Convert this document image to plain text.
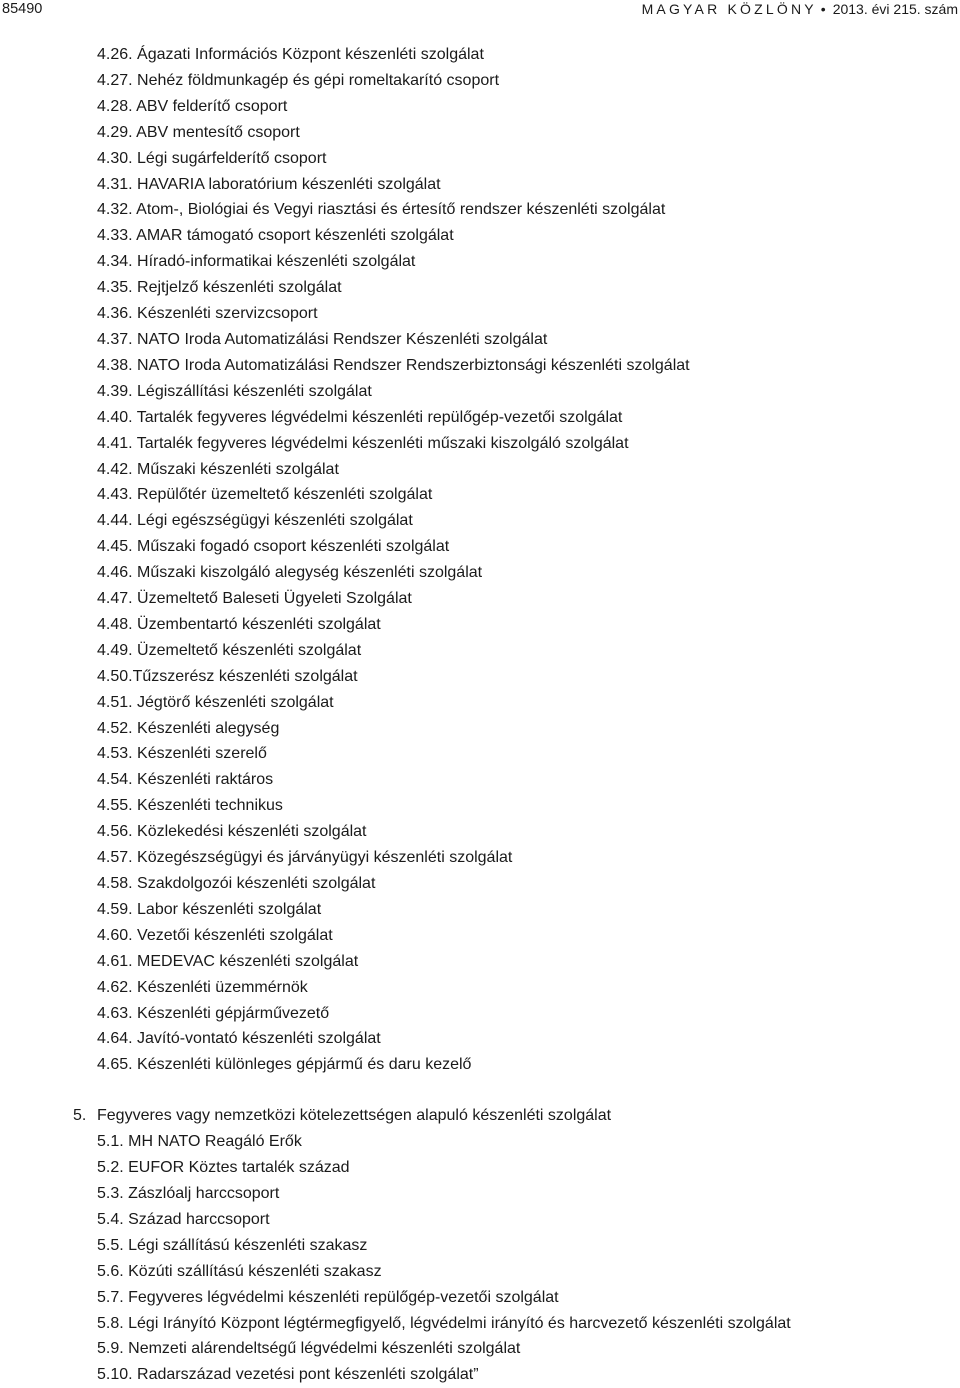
85490	MAGYAR KÖZLÖNY • 2013. évi 215. szám
4.26. Ágazati Információs Központ készenléti szolgálat
4.27. Nehéz földmunkagép és gépi romeltakarító csoport
4.28. ABV felderítő csoport
4.29. ABV mentesítő csoport
4.30. Légi sugárfelderítő csoport
4.31. HAVARIA laboratórium készenléti szolgálat
4.32. Atom-, Biológiai és Vegyi riasztási és értesítő rendszer készenléti szolgálat
4.33. AMAR támogató csoport készenléti szolgálat
4.34. Híradó-informatikai készenléti szolgálat
4.35. Rejtjelző készenléti szolgálat
4.36. Készenléti szervizcsoport
4.37. NATO Iroda Automatizálási Rendszer Készenléti szolgálat
4.38. NATO Iroda Automatizálási Rendszer Rendszerbiztonsági készenléti szolgálat
4.39. Légiszállítási készenléti szolgálat
4.40. Tartalék fegyveres légvédelmi készenléti repülőgép-vezetői szolgálat
4.41. Tartalék fegyveres légvédelmi készenléti műszaki kiszolgáló szolgálat
4.42. Műszaki készenléti szolgálat
4.43. Repülőtér üzemeltető készenléti szolgálat
4.44. Légi egészségügyi készenléti szolgálat
4.45. Műszaki fogadó csoport készenléti szolgálat
4.46. Műszaki kiszolgáló alegység készenléti szolgálat
4.47. Üzemeltető Baleseti Ügyeleti Szolgálat
4.48. Üzembentartó készenléti szolgálat
4.49. Üzemeltető készenléti szolgálat
4.50.Tűzszerész készenléti szolgálat
4.51. Jégtörő készenléti szolgálat
4.52. Készenléti alegység
4.53. Készenléti szerelő
4.54. Készenléti raktáros
4.55. Készenléti technikus
4.56. Közlekedési készenléti szolgálat
4.57. Közegészségügyi és járványügyi készenléti szolgálat
4.58. Szakdolgozói készenléti szolgálat
4.59. Labor készenléti szolgálat
4.60. Vezetői készenléti szolgálat
4.61. MEDEVAC készenléti szolgálat
4.62. Készenléti üzemmérnök
4.63. Készenléti gépjárművezető
4.64. Javító-vontató készenléti szolgálat
4.65. Készenléti különleges gépjármű és daru kezelő
5. Fegyveres vagy nemzetközi kötelezettségen alapuló készenléti szolgálat
5.1. MH NATO Reagáló Erők
5.2. EUFOR Köztes tartalék század
5.3. Zászlóalj harccsoport
5.4. Század harccsoport
5.5. Légi szállítású készenléti szakasz
5.6. Közúti szállítású készenléti szakasz
5.7. Fegyveres légvédelmi készenléti repülőgép-vezetői szolgálat
5.8. Légi Irányító Központ légtérmegfigyelő, légvédelmi irányító és harcvezető készenléti szolgálat
5.9. Nemzeti alárendeltségű légvédelmi készenléti szolgálat
5.10. Radarszázad vezetési pont készenléti szolgálat”
